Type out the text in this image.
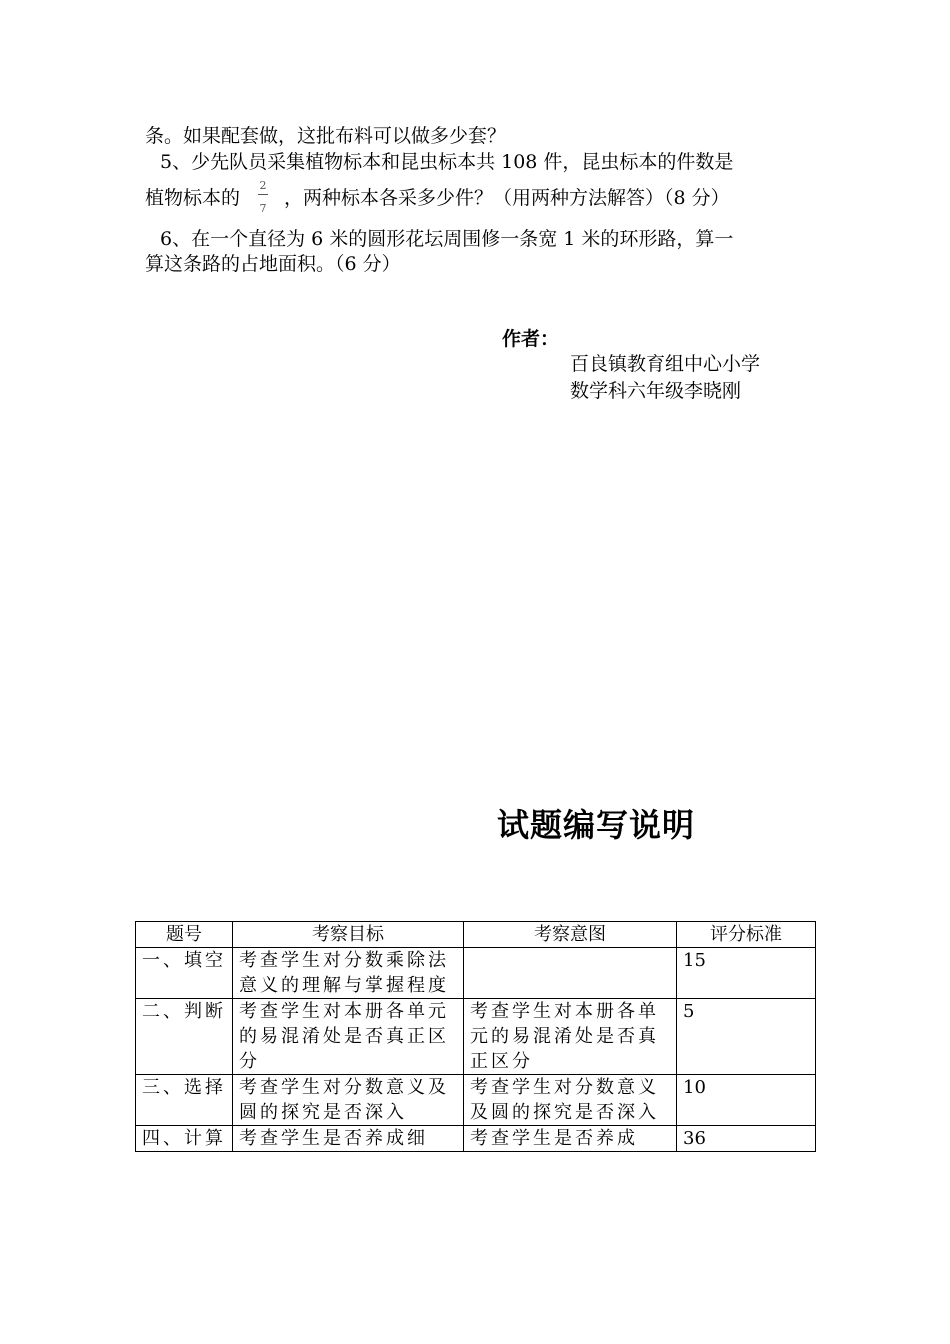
条。如果配套做，这批布料可以做多少套？
5、少先队员采集植物标本和昆虫标本共 108 件，昆虫标本的件数是
植物标本的
2
7 ，两种标本各采多少件？（用两种方法解答）（8 分）
6、在一个直径为 6 米的圆形花坛周围修一条宽 1 米的环形路，算一
算这条路的占地面积。（6 分）
作者：
百良镇教育组中心小学
数学科六年级李晓刚
试题编写说明
题号	考察目标	考察意图	评分标准
一、填空	考查学生对分数乘除法意义的理解与掌握程度		15
二、判断	考查学生对本册各单元的易混淆处是否真正区分	考查学生对本册各单元的易混淆处是否真正区分	5
三、选择	考查学生对分数意义及圆的探究是否深入	考查学生对分数意义及圆的探究是否深入	10
四、计算	考查学生是否养成细	考查学生是否养成	36
